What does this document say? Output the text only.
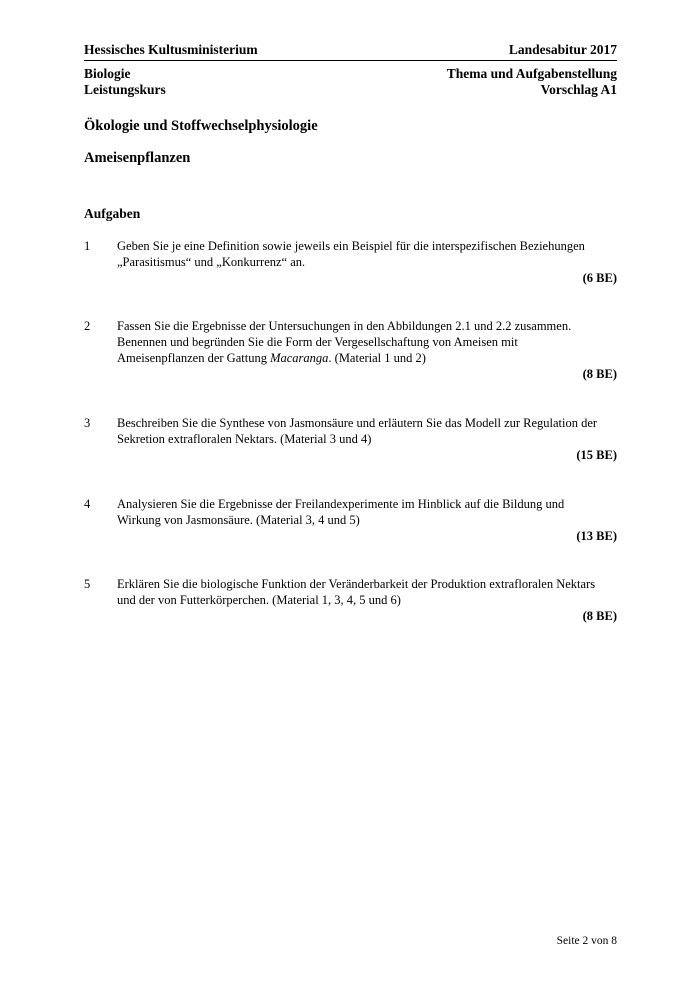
Hessisches Kultusministerium	Landesabitur 2017
Biologie
Leistungskurs
Thema und Aufgabenstellung
Vorschlag A1
Ökologie und Stoffwechselphysiologie
Ameisenpflanzen
Aufgaben
1 Geben Sie je eine Definition sowie jeweils ein Beispiel für die interspezifischen Beziehungen
„Parasitismus“ und „Konkurrenz“ an.
(6 BE)
2 Fassen Sie die Ergebnisse der Untersuchungen in den Abbildungen 2.1 und 2.2 zusammen.
Benennen und begründen Sie die Form der Vergesellschaftung von Ameisen mit
Ameisenpflanzen der Gattung Macaranga. (Material 1 und 2)
(8 BE)
3 Beschreiben Sie die Synthese von Jasmonsäure und erläutern Sie das Modell zur Regulation der
Sekretion extrafloralen Nektars. (Material 3 und 4)
(15 BE)
4 Analysieren Sie die Ergebnisse der Freilandexperimente im Hinblick auf die Bildung und
Wirkung von Jasmonsäure. (Material 3, 4 und 5)
(13 BE)
5 Erklären Sie die biologische Funktion der Veränderbarkeit der Produktion extrafloralen Nektars
und der von Futterkörperchen. (Material 1, 3, 4, 5 und 6)
(8 BE)
Seite 2 von 8
